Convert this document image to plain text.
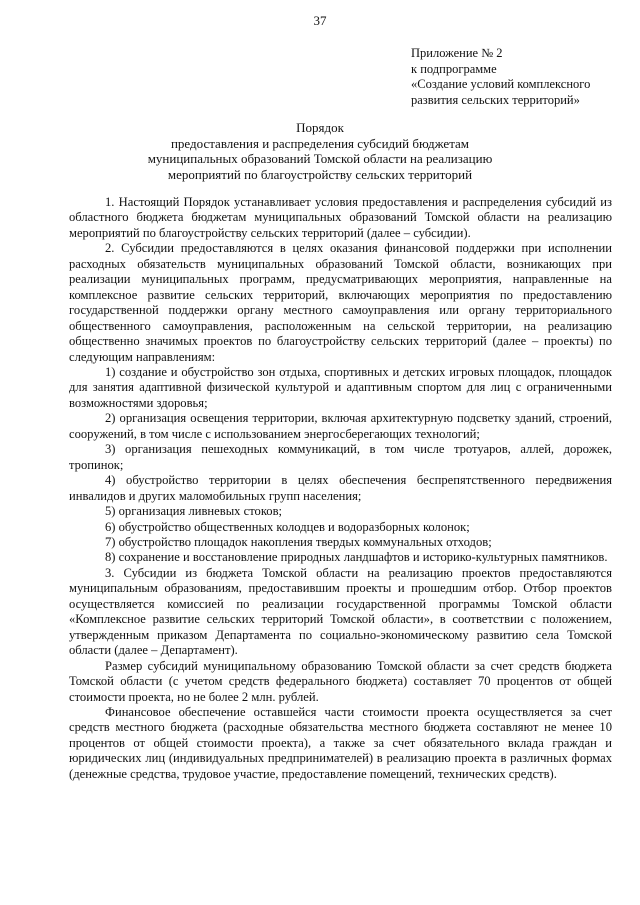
37
Приложение № 2
к подпрограмме
«Создание условий комплексного
развития сельских территорий»
Порядок
предоставления и распределения субсидий бюджетам
муниципальных образований Томской области на реализацию
мероприятий по благоустройству сельских территорий

1. Настоящий Порядок устанавливает условия предоставления и распределения субсидий из областного бюджета бюджетам муниципальных образований Томской области на реализацию мероприятий по благоустройству сельских территорий (далее – субсидии).

2. Субсидии предоставляются в целях оказания финансовой поддержки при исполнении расходных обязательств муниципальных образований Томской области, возникающих при реализации муниципальных программ, предусматривающих мероприятия, направленные на комплексное развитие сельских территорий, включающих мероприятия по предоставлению государственной поддержки органу местного самоуправления или органу территориального общественного самоуправления, расположенным на сельской территории, на реализацию общественно значимых проектов по благоустройству сельских территорий (далее – проекты) по следующим направлениям:

1) создание и обустройство зон отдыха, спортивных и детских игровых площадок, площадок для занятия адаптивной физической культурой и адаптивным спортом для лиц с ограниченными возможностями здоровья;

2) организация освещения территории, включая архитектурную подсветку зданий, строений, сооружений, в том числе с использованием энергосберегающих технологий;

3) организация пешеходных коммуникаций, в том числе тротуаров, аллей, дорожек, тропинок;

4) обустройство территории в целях обеспечения беспрепятственного передвижения инвалидов и других маломобильных групп населения;

5) организация ливневых стоков;

6) обустройство общественных колодцев и водоразборных колонок;

7) обустройство площадок накопления твердых коммунальных отходов;

8) сохранение и восстановление природных ландшафтов и историко-культурных памятников.

3. Субсидии из бюджета Томской области на реализацию проектов предоставляются муниципальным образованиям, предоставившим проекты и прошедшим отбор. Отбор проектов осуществляется комиссией по реализации государственной программы Томской области «Комплексное развитие сельских территорий Томской области», в соответствии с положением, утвержденным приказом Департамента по социально-экономическому развитию села Томской области (далее – Департамент).

Размер субсидий муниципальному образованию Томской области за счет средств бюджета Томской области (с учетом средств федерального бюджета) составляет 70 процентов от общей стоимости проекта, но не более 2 млн. рублей.

Финансовое обеспечение оставшейся части стоимости проекта осуществляется за счет средств местного бюджета (расходные обязательства местного бюджета составляют не менее 10 процентов от общей стоимости проекта), а также за счет обязательного вклада граждан и юридических лиц (индивидуальных предпринимателей) в реализацию проекта в различных формах (денежные средства, трудовое участие, предоставление помещений, технических средств).
